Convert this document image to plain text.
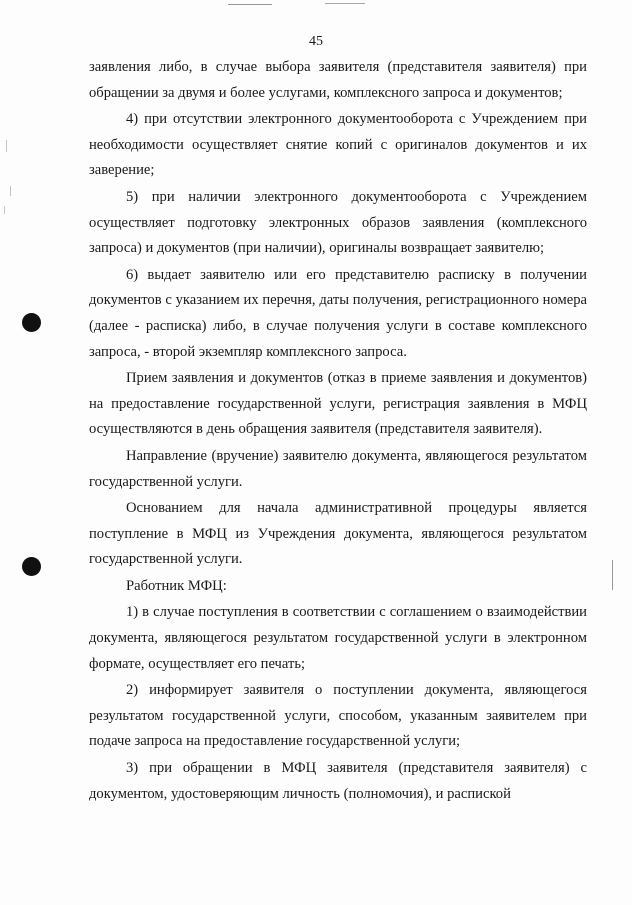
45

заявления либо, в случае выбора заявителя (представителя заявителя) при обращении за двумя и более услугами, комплексного запроса и документов;

4) при отсутствии электронного документооборота с Учреждением при необходимости осуществляет снятие копий с оригиналов документов и их заверение;

5) при наличии электронного документооборота с Учреждением осуществляет подготовку электронных образов заявления (комплексного запроса) и документов (при наличии), оригиналы возвращает заявителю;

6) выдает заявителю или его представителю расписку в получении документов с указанием их перечня, даты получения, регистрационного номера (далее - расписка) либо, в случае получения услуги в составе комплексного запроса, - второй экземпляр комплексного запроса.

Прием заявления и документов (отказ в приеме заявления и документов) на предоставление государственной услуги, регистрация заявления в МФЦ осуществляются в день обращения заявителя (представителя заявителя).

Направление (вручение) заявителю документа, являющегося результатом государственной услуги.

Основанием для начала административной процедуры является поступление в МФЦ из Учреждения документа, являющегося результатом государственной услуги.

Работник МФЦ:

1) в случае поступления в соответствии с соглашением о взаимодействии документа, являющегося результатом государственной услуги в электронном формате, осуществляет его печать;

2) информирует заявителя о поступлении документа, являющегося результатом государственной услуги, способом, указанным заявителем при подаче запроса на предоставление государственной услуги;

3) при обращении в МФЦ заявителя (представителя заявителя) с документом, удостоверяющим личность (полномочия), и распиской
